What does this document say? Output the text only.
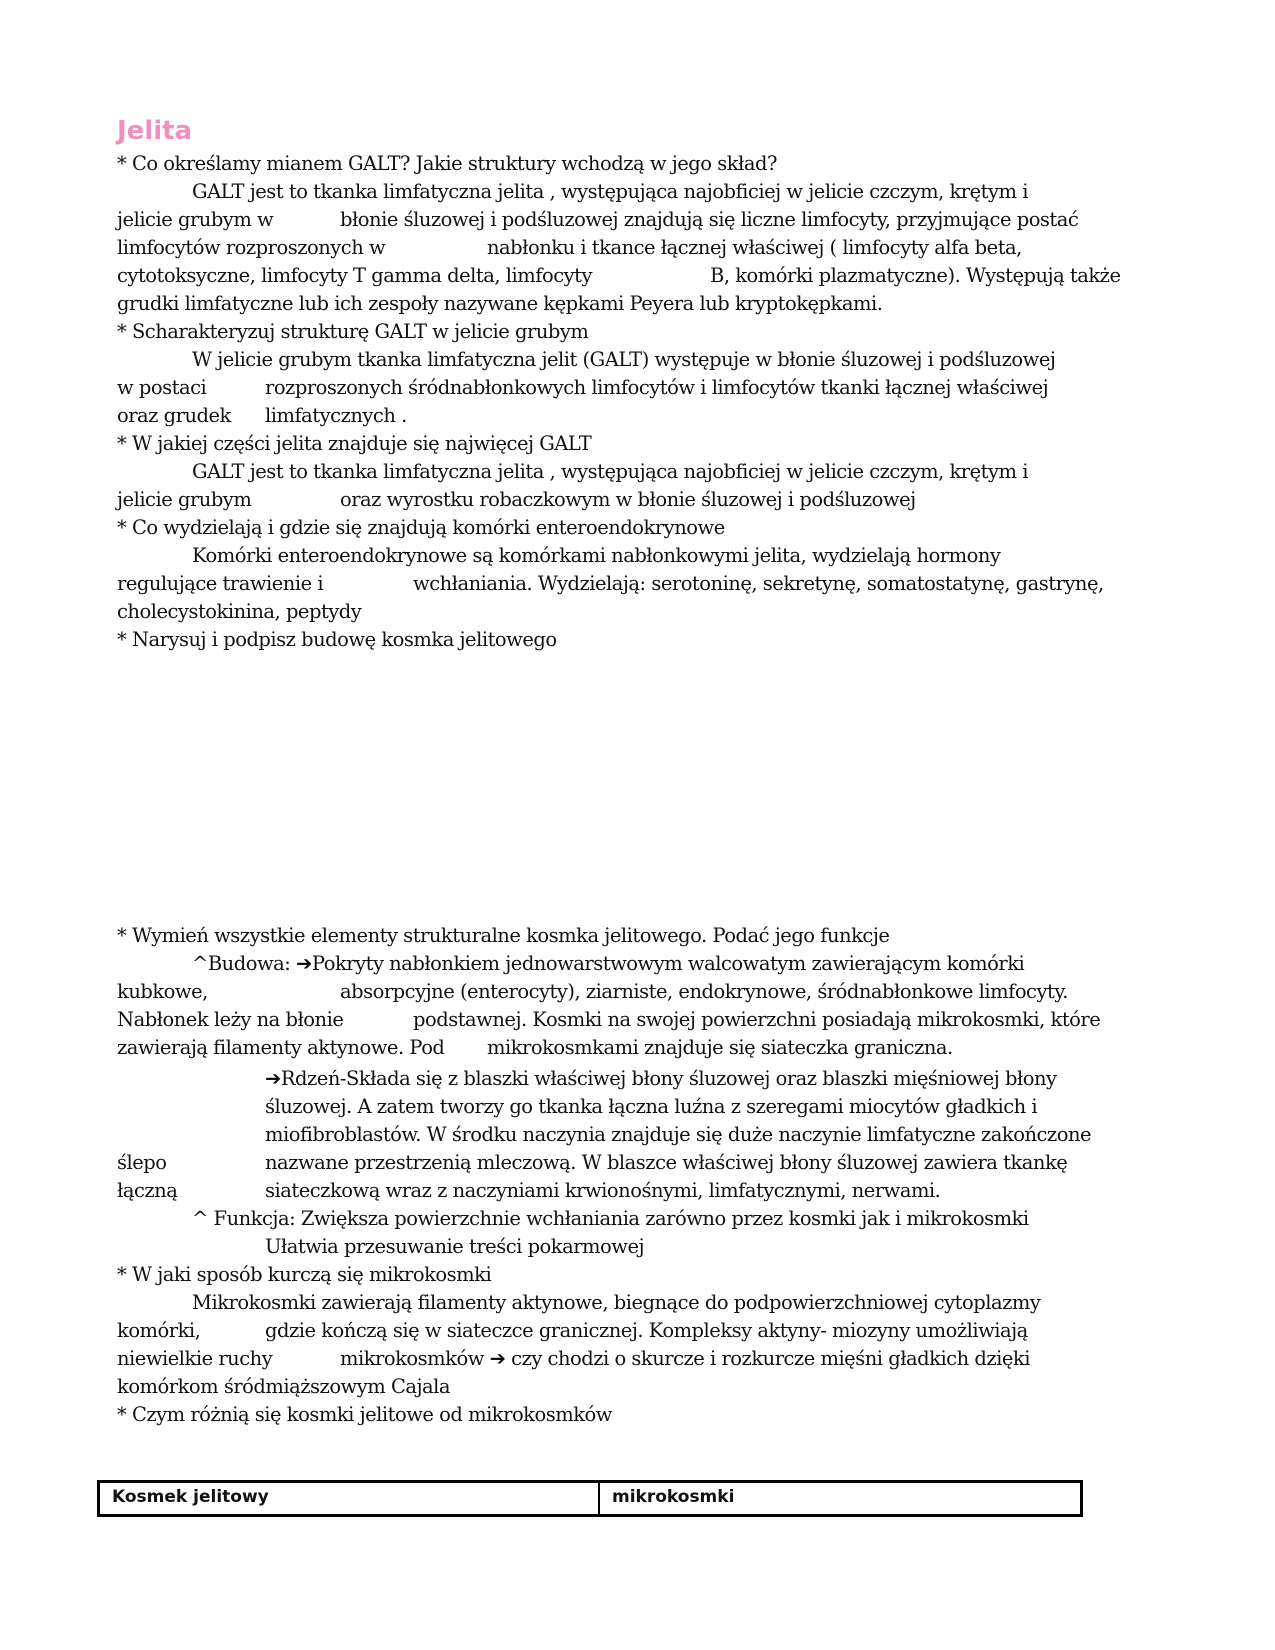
Jelita
* Co określamy mianem GALT? Jakie struktury wchodzą w jego skład?
GALT jest to tkanka limfatyczna jelita , występująca najobficiej w jelicie czczym, krętym i
jelicie grubym w	błonie śluzowej i podśluzowej znajdują się liczne limfocyty, przyjmujące postać
limfocytów rozproszonych w	nabłonku i tkance łącznej właściwej ( limfocyty alfa beta,
cytotoksyczne, limfocyty T gamma delta, limfocyty	B, komórki plazmatyczne). Występują także
grudki limfatyczne lub ich zespoły nazywane kępkami Peyera lub kryptokępkami.
* Scharakteryzuj strukturę GALT w jelicie grubym
W jelicie grubym tkanka limfatyczna jelit (GALT) występuje w błonie śluzowej i podśluzowej
w postaci	rozproszonych śródnabłonkowych limfocytów i limfocytów tkanki łącznej właściwej
oraz grudek limfatycznych .
* W jakiej części jelita znajduje się najwięcej GALT
GALT jest to tkanka limfatyczna jelita , występująca najobficiej w jelicie czczym, krętym i
jelicie grubym	oraz wyrostku robaczkowym w błonie śluzowej i podśluzowej
* Co wydzielają i gdzie się znajdują komórki enteroendokrynowe
Komórki enteroendokrynowe są komórkami nabłonkowymi jelita, wydzielają hormony
regulujące trawienie i	wchłaniania. Wydzielają: serotoninę, sekretynę, somatostatynę, gastrynę,
cholecystokinina, peptydy
* Narysuj i podpisz budowę kosmka jelitowego
* Wymień wszystkie elementy strukturalne kosmka jelitowego. Podać jego funkcje
^Budowa: ➔Pokryty nabłonkiem jednowarstwowym walcowatym zawierającym komórki
kubkowe,	absorpcyjne (enterocyty), ziarniste, endokrynowe, śródnabłonkowe limfocyty.
Nabłonek leży na błonie	podstawnej. Kosmki na swojej powierzchni posiadają mikrokosmki, które
zawierają filamenty aktynowe. Pod mikrokosmkami znajduje się siateczka graniczna.
➔Rdzeń-Składa się z blaszki właściwej błony śluzowej oraz blaszki mięśniowej błony
śluzowej. A zatem tworzy go tkanka łączna luźna z szeregami miocytów gładkich i
miofibroblastów. W środku naczynia znajduje się duże naczynie limfatyczne zakończone
ślepo	nazwane przestrzenią mleczową. W blaszce właściwej błony śluzowej zawiera tkankę
łączną	siateczkową wraz z naczyniami krwionośnymi, limfatycznymi, nerwami.
^ Funkcja: Zwiększa powierzchnie wchłaniania zarówno przez kosmki jak i mikrokosmki
Ułatwia przesuwanie treści pokarmowej
* W jaki sposób kurczą się mikrokosmki
Mikrokosmki zawierają filamenty aktynowe, biegnące do podpowierzchniowej cytoplazmy
komórki,	gdzie kończą się w siateczce granicznej. Kompleksy aktyny- miozyny umożliwiają
niewielkie ruchy	mikrokosmków ➔ czy chodzi o skurcze i rozkurcze mięśni gładkich dzięki
komórkom śródmiąższowym Cajala
* Czym różnią się kosmki jelitowe od mikrokosmków
Kosmek jelitowy	mikrokosmki
